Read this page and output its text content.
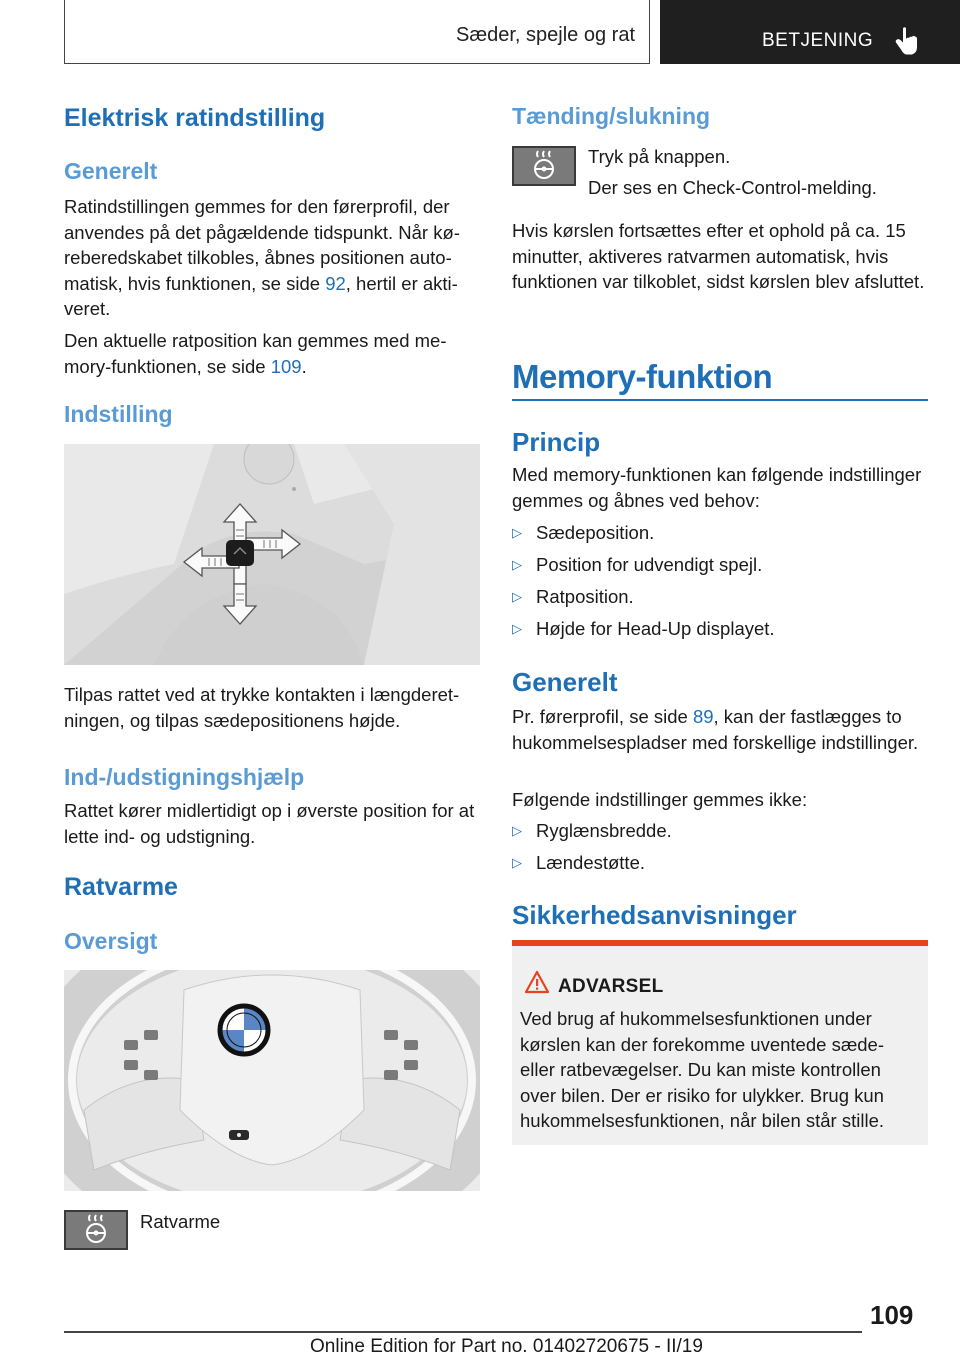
Sæder, spejle og rat	BETJENING
Elektrisk ratindstilling
Generelt
Ratindstillingen gemmes for den førerprofil, der anvendes på det pågældende tidspunkt. Når køreberedskabet tilkobles, åbnes positionen automatisk, hvis funktionen, se side 92, hertil er aktiveret.
Den aktuelle ratposition kan gemmes med memory-funktionen, se side 109.
Indstilling
Tilpas rattet ved at trykke kontakten i længderetningen, og tilpas sædepositionens højde.
Ind-/udstigningshjælp
Rattet kører midlertidigt op i øverste position for at lette ind- og udstigning.
Ratvarme
Oversigt
Ratvarme
Tænding/slukning
Tryk på knappen.
Der ses en Check-Control-melding.
Hvis kørslen fortsættes efter et ophold på ca. 15 minutter, aktiveres ratvarmen automatisk, hvis funktionen var tilkoblet, sidst kørslen blev afsluttet.
Memory-funktion
Princip
Med memory-funktionen kan følgende indstillinger gemmes og åbnes ved behov:
▷ Sædeposition.
▷ Position for udvendigt spejl.
▷ Ratposition.
▷ Højde for Head-Up displayet.
Generelt
Pr. førerprofil, se side 89, kan der fastlægges to hukommelsespladser med forskellige indstillinger.
Følgende indstillinger gemmes ikke:
▷ Ryglænsbredde.
▷ Lændestøtte.
Sikkerhedsanvisninger
ADVARSEL
Ved brug af hukommelsesfunktionen under kørslen kan der forekomme uventede sæde- eller ratbevægelser. Du kan miste kontrollen over bilen. Der er risiko for ulykker. Brug kun hukommelsesfunktionen, når bilen står stille.
109
Online Edition for Part no. 01402720675 - II/19
